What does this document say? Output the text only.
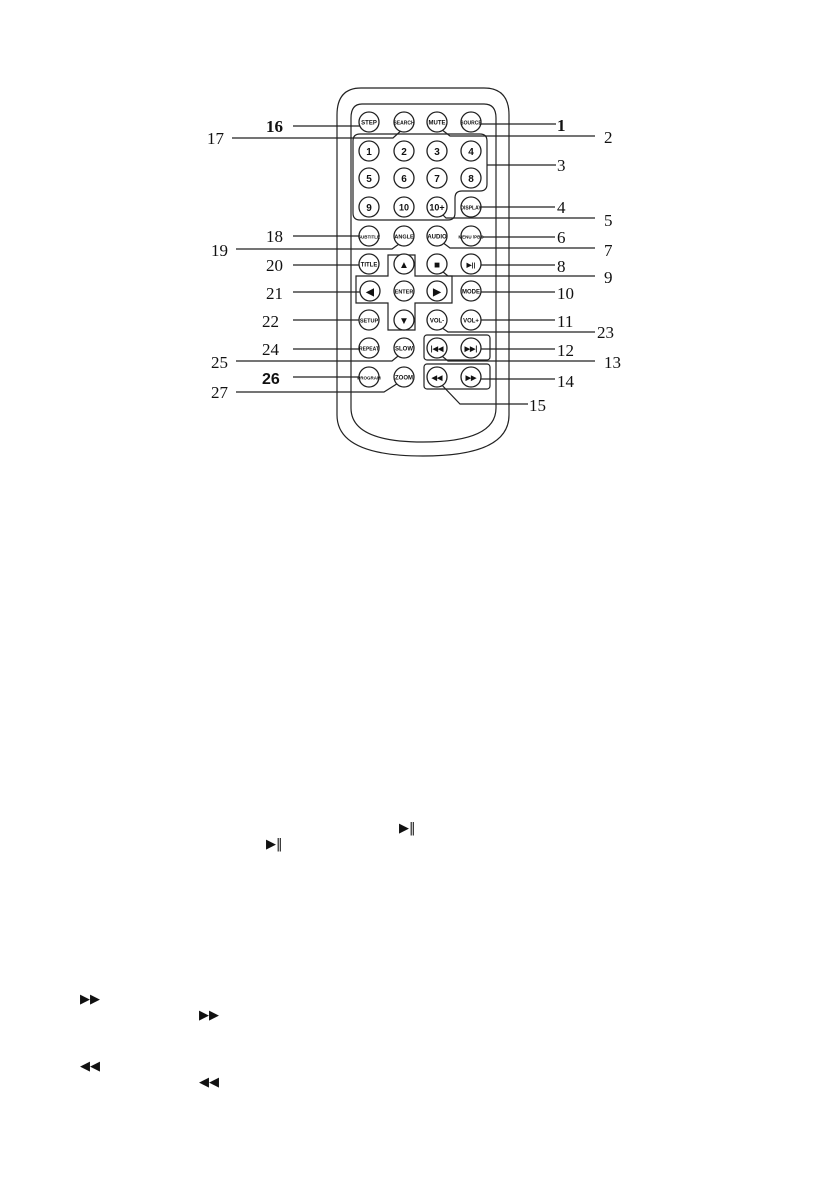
STEP	SEARCH MUTE	SOURCE
1	2	3	4
5	6	7	8
9	10 10+	DISPLAY
SUBTITLE	ANGLE AUDIO	MENU /PBC
TITLE ▲	■	▶||
◀	ENTER ▶	MODE
SETUP ▼	VOL-	VOL+
REPEAT	SLOW	|◀◀	▶▶|
PROGRAM ZOOM	◀◀	▶▶
1
2
3
4
5
6
7
8
9
10
11
12
13
14
15
16
17
18
19
20
21
22
23
24
25
26
27
▶‖
▶‖
▶▶
▶▶
◀◀
◀◀
